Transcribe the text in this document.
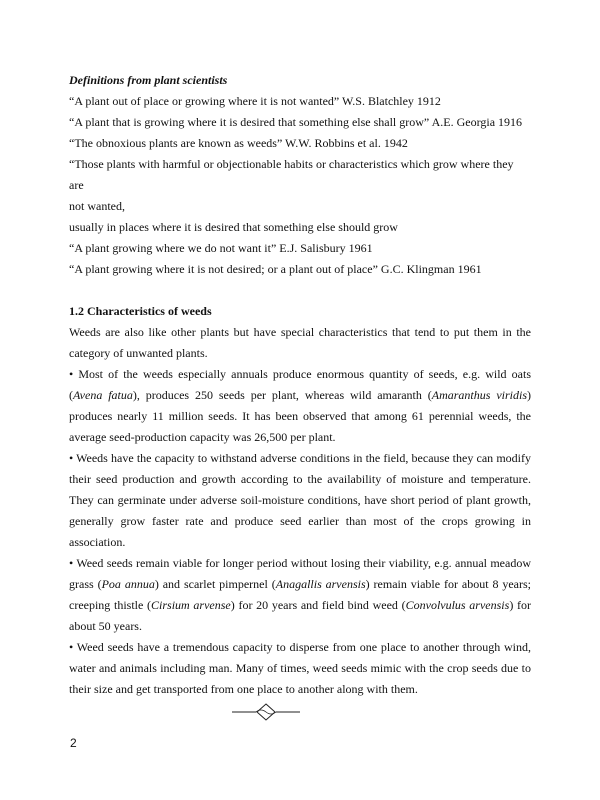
Definitions from plant scientists

“A plant out of place or growing where it is not wanted” W.S. Blatchley 1912

“A plant that is growing where it is desired that something else shall grow” A.E. Georgia 1916

“The obnoxious plants are known as weeds” W.W. Robbins et al. 1942

“Those plants with harmful or objectionable habits or characteristics which grow where they are

not wanted,

usually in places where it is desired that something else should grow

“A plant growing where we do not want it” E.J. Salisbury 1961

“A plant growing where it is not desired; or a plant out of place” G.C. Klingman 1961

1.2 Characteristics of weeds

Weeds are also like other plants but have special characteristics that tend to put them in the category of unwanted plants.

• Most of the weeds especially annuals produce enormous quantity of seeds, e.g. wild oats (Avena fatua), produces 250 seeds per plant, whereas wild amaranth (Amaranthus viridis) produces nearly 11 million seeds. It has been observed that among 61 perennial weeds, the average seed-production capacity was 26,500 per plant.

• Weeds have the capacity to withstand adverse conditions in the field, because they can modify their seed production and growth according to the availability of moisture and temperature. They can germinate under adverse soil-moisture conditions, have short period of plant growth, generally grow faster rate and produce seed earlier than most of the crops growing in association.

• Weed seeds remain viable for longer period without losing their viability, e.g. annual meadow grass (Poa annua) and scarlet pimpernel (Anagallis arvensis) remain viable for about 8 years; creeping thistle (Cirsium arvense) for 20 years and field bind weed (Convolvulus arvensis) for about 50 years.

• Weed seeds have a tremendous capacity to disperse from one place to another through wind, water and animals including man. Many of times, weed seeds mimic with the crop seeds due to their size and get transported from one place to another along with them.

2
